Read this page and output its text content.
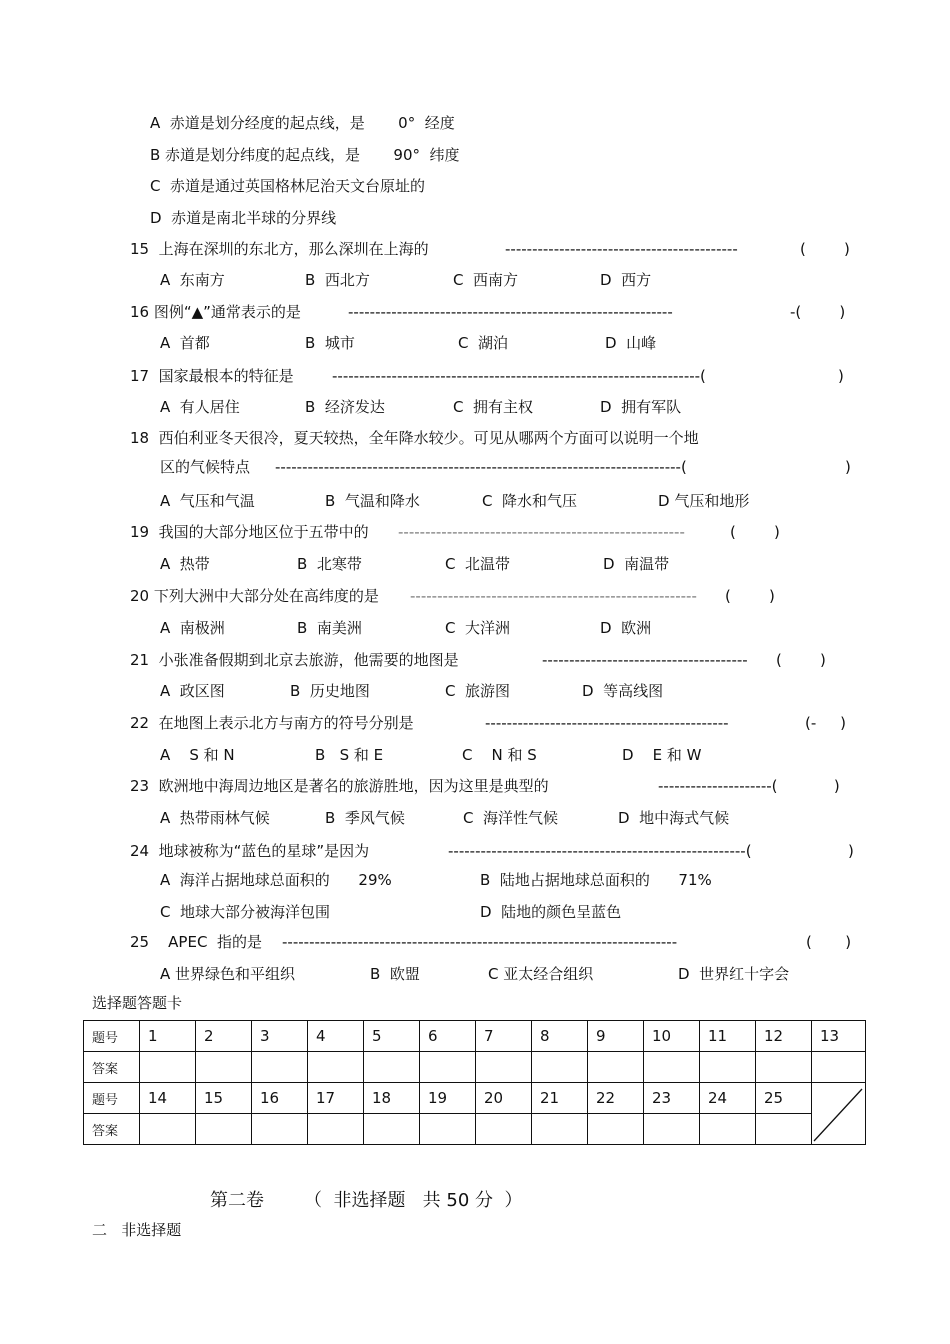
A  赤道是划分经度的起点线，是       0°  经度
B 赤道是划分纬度的起点线，是       90°  纬度
C  赤道是通过英国格林尼治天文台原址的
D  赤道是南北半球的分界线
15  上海在深圳的东北方，那么深圳在上海的	-------------------------------------------	(        )
A  东南方	B  西北方	C  西南方	D  西方
16 图例“▲”通常表示的是	------------------------------------------------------------	-(        )
A  首都	B  城市	C  湖泊	D  山峰
17  国家最根本的特征是	--------------------------------------------------------------------(	)
A  有人居住	B  经济发达	C  拥有主权	D  拥有军队
18  西伯利亚冬天很冷，夏天较热，全年降水较少。可见从哪两个方面可以说明一个地
区的气候特点 ---------------------------------------------------------------------------(	)
A  气压和气温	B  气温和降水	C  降水和气压	D 气压和地形
19  我国的大部分地区位于五带中的 -----------------------------------------------------	(        )
A  热带	B  北寒带	C  北温带	D  南温带
20 下列大洲中大部分处在高纬度的是 ----------------------------------------------------- (        )
A  南极洲	B  南美洲	C  大洋洲	D  欧洲
21  小张准备假期到北京去旅游，他需要的地图是	-------------------------------------- (        )
A  政区图	B  历史地图	C  旅游图	D  等高线图
22  在地图上表示北方与南方的符号分别是	---------------------------------------------	(-     )
A    S 和 N	B   S 和 E	C    N 和 S	D    E 和 W
23  欧洲地中海周边地区是著名的旅游胜地，因为这里是典型的	---------------------( )
A  热带雨林气候	B  季风气候	C  海洋性气候	D  地中海式气候
24  地球被称为“蓝色的星球”是因为	-------------------------------------------------------(	)
A  海洋占据地球总面积的      29%	B  陆地占据地球总面积的      71%
C  地球大部分被海洋包围	D  陆地的颜色呈蓝色
25    APEC  指的是 -------------------------------------------------------------------------	(       )
A 世界绿色和平组织	B  欧盟	C 亚太经合组织	D  世界红十字会
选择题答题卡
题号	1	2	3	4	5	6	7	8	9	10	11	12	13
答案													
题号	14	15	16	17	18	19	20	21	22	23	24	25	

答案													
第二卷       （  非选择题   共 50 分  ）
二   非选择题
